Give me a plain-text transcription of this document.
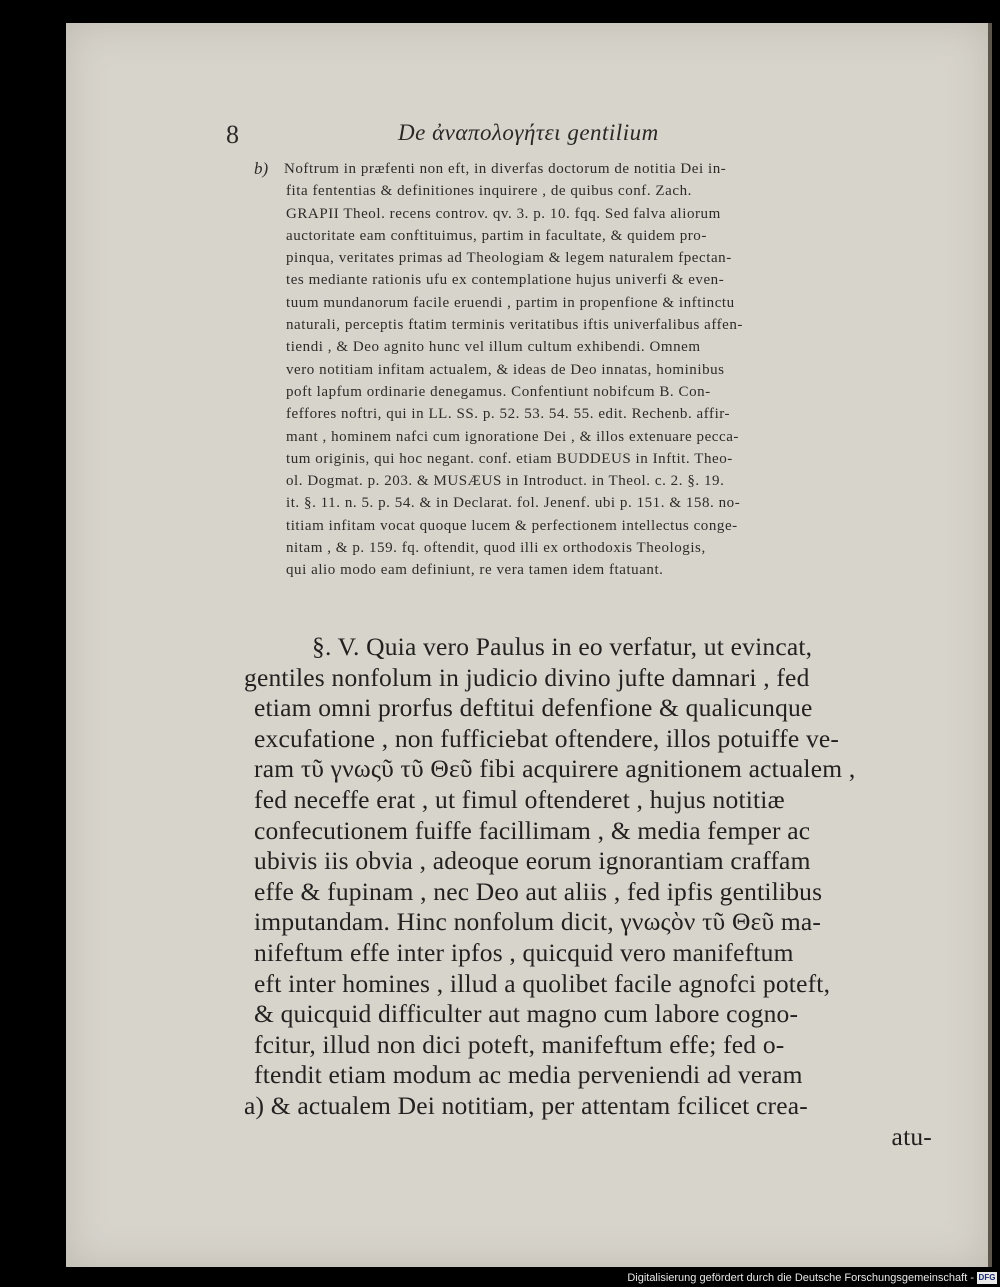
8	De ἀναπολογήτει gentilium
b)	Noftrum in præfenti non eft, in diverfas doctorum de notitia Dei in-
fita fententias & definitiones inquirere , de quibus conf. Zach.
GRAPII Theol. recens controv. qv. 3. p. 10. fqq. Sed falva aliorum
auctoritate eam conftituimus, partim in facultate, & quidem pro-
pinqua, veritates primas ad Theologiam & legem naturalem fpectan-
tes mediante rationis ufu ex contemplatione hujus univerfi & even-
tuum mundanorum facile eruendi , partim in propenfione & inftinctu
naturali, perceptis ftatim terminis veritatibus iftis univerfalibus affen-
tiendi , & Deo agnito hunc vel illum cultum exhibendi. Omnem
vero notitiam infitam actualem, & ideas de Deo innatas, hominibus
poft lapfum ordinarie denegamus. Confentiunt nobifcum B. Con-
feffores noftri, qui in LL. SS. p. 52. 53. 54. 55. edit. Rechenb. affir-
mant , hominem nafci cum ignoratione Dei , & illos extenuare pecca-
tum originis, qui hoc negant. conf. etiam BUDDEUS in Inftit. Theo-
ol. Dogmat. p. 203. & MUSÆUS in Introduct. in Theol. c. 2. §. 19.
it. §. 11. n. 5. p. 54. & in Declarat. fol. Jenenf. ubi p. 151. & 158. no-
titiam infitam vocat quoque lucem & perfectionem intellectus conge-
nitam , & p. 159. fq. oftendit, quod illi ex orthodoxis Theologis,
qui alio modo eam definiunt, re vera tamen idem ftatuant.
§. V. Quia vero Paulus in eo verfatur, ut evincat,
gentiles nonfolum in judicio divino jufte damnari , fed
etiam omni prorfus deftitui defenfione & qualicunque
excufatione , non fufficiebat oftendere, illos potuiffe ve-
ram τῦ γνωςῦ τῦ Θεῦ fibi acquirere agnitionem actualem ,
fed neceffe erat , ut fimul oftenderet , hujus notitiæ
confecutionem fuiffe facillimam , & media femper ac
ubivis iis obvia , adeoque eorum ignorantiam craffam
effe & fupinam , nec Deo aut aliis , fed ipfis gentilibus
imputandam. Hinc nonfolum dicit, γνωςὸν τῦ Θεῦ ma-
nifeftum effe inter ipfos , quicquid vero manifeftum
eft inter homines , illud a quolibet facile agnofci poteft,
& quicquid difficulter aut magno cum labore cogno-
fcitur, illud non dici poteft, manifeftum effe; fed o-
ftendit etiam modum ac media perveniendi ad veram
a) & actualem Dei notitiam, per attentam fcilicet crea-
atu-
Digitalisierung gefördert durch die Deutsche Forschungsgemeinschaft - DFG
